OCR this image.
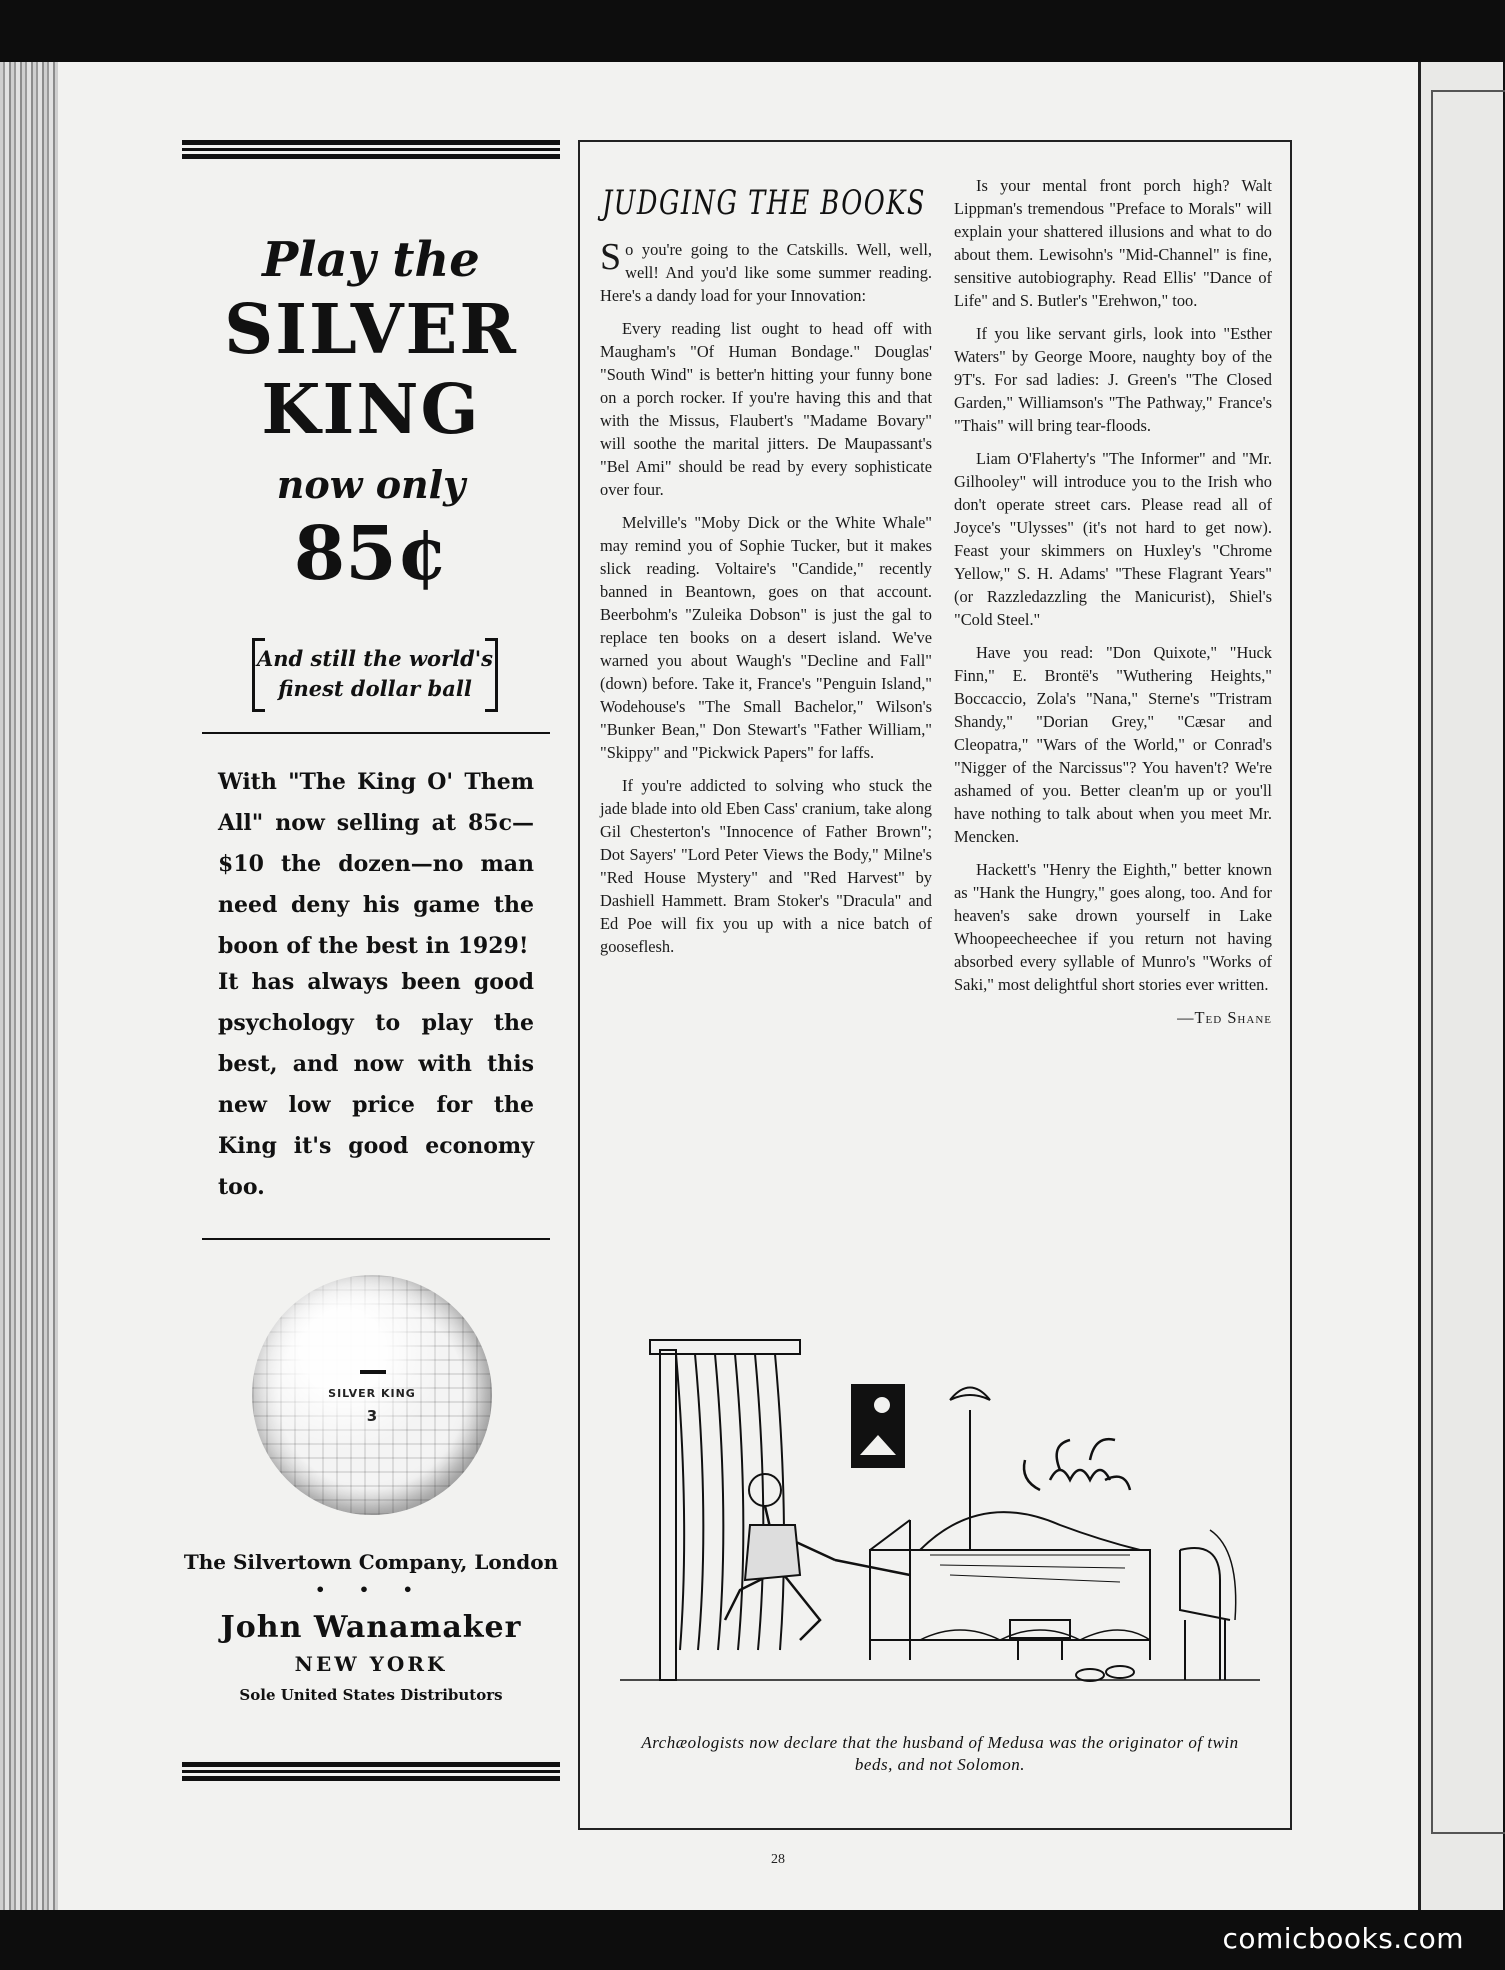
Play the
SILVER
KING
now only
85¢
And still the world's
finest dollar ball
With "The King O' Them All" now selling at 85c—$10 the dozen—no man need deny his game the boon of the best in 1929!
It has always been good psychology to play the best, and now with this new low price for the King it's good economy too.
SILVER KING
3
The Silvertown Company, London
• • •
John Wanamaker
NEW YORK
Sole United States Distributors
JUDGING THE BOOKS

So you're going to the Catskills. Well, well, well! And you'd like some summer reading. Here's a dandy load for your Innovation:

Every reading list ought to head off with Maugham's "Of Human Bondage." Douglas' "South Wind" is better'n hitting your funny bone on a porch rocker. If you're having this and that with the Missus, Flaubert's "Madame Bovary" will soothe the marital jitters. De Maupassant's "Bel Ami" should be read by every sophisticate over four.

Melville's "Moby Dick or the White Whale" may remind you of Sophie Tucker, but it makes slick reading. Voltaire's "Candide," recently banned in Beantown, goes on that account. Beerbohm's "Zuleika Dobson" is just the gal to replace ten books on a desert island. We've warned you about Waugh's "Decline and Fall" (down) before. Take it, France's "Penguin Island," Wodehouse's "The Small Bachelor," Wilson's "Bunker Bean," Don Stewart's "Father William," "Skippy" and "Pickwick Papers" for laffs.

If you're addicted to solving who stuck the jade blade into old Eben Cass' cranium, take along Gil Chesterton's "Innocence of Father Brown"; Dot Sayers' "Lord Peter Views the Body," Milne's "Red House Mystery" and "Red Harvest" by Dashiell Hammett. Bram Stoker's "Dracula" and Ed Poe will fix you up with a nice batch of gooseflesh.

Is your mental front porch high? Walt Lippman's tremendous "Preface to Morals" will explain your shattered illusions and what to do about them. Lewisohn's "Mid-Channel" is fine, sensitive autobiography. Read Ellis' "Dance of Life" and S. Butler's "Erehwon," too.

If you like servant girls, look into "Esther Waters" by George Moore, naughty boy of the 9T's. For sad ladies: J. Green's "The Closed Garden," Williamson's "The Pathway," France's "Thais" will bring tear-floods.

Liam O'Flaherty's "The Informer" and "Mr. Gilhooley" will introduce you to the Irish who don't operate street cars. Please read all of Joyce's "Ulysses" (it's not hard to get now). Feast your skimmers on Huxley's "Chrome Yellow," S. H. Adams' "These Flagrant Years" (or Razzledazzling the Manicurist), Shiel's "Cold Steel."

Have you read: "Don Quixote," "Huck Finn," E. Brontë's "Wuthering Heights," Boccaccio, Zola's "Nana," Sterne's "Tristram Shandy," "Dorian Grey," "Cæsar and Cleopatra," "Wars of the World," or Conrad's "Nigger of the Narcissus"? You haven't? We're ashamed of you. Better clean'm up or you'll have nothing to talk about when you meet Mr. Mencken.

Hackett's "Henry the Eighth," better known as "Hank the Hungry," goes along, too. And for heaven's sake drown yourself in Lake Whoopeecheechee if you return not having absorbed every syllable of Munro's "Works of Saki," most delightful short stories ever written.

—Ted Shane
Archæologists now declare that the husband of Medusa was the originator of twin beds, and not Solomon.
28
comicbooks.com
